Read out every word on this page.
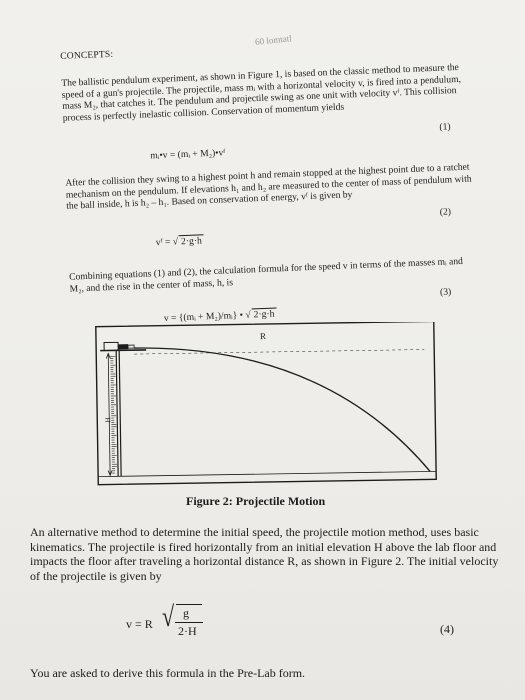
CONCEPTS:
The ballistic pendulum experiment, as shown in Figure 1, is based on the classic method to measure the speed of a gun's projectile. The projectile, mass mᵢ with a horizontal velocity v, is fired into a pendulum, mass M₂, that catches it. The pendulum and projectile swing as one unit with velocity vᶠ. This collision process is perfectly inelastic collision. Conservation of momentum yields
mᵢ•v = (mᵢ + M₂)•vᶠ
(1)
After the collision they swing to a highest point h and remain stopped at the highest point due to a ratchet mechanism on the pendulum. If elevations h₁ and h₂ are measured to the center of mass of pendulum with the ball inside, h is h₂ – h₁. Based on conservation of energy, vᶠ is given by
vᶠ = √ 2·g·h
(2)
Combining equations (1) and (2), the calculation formula for the speed v in terms of the masses mᵢ and M₂, and the rise in the center of mass, h, is
v = {(mᵢ + M₂)/mᵢ} • √ 2·g·h
(3)
60 lomtatl
R
H
Figure 2: Projectile Motion
An alternative method to determine the initial speed, the projectile motion method, uses basic kinematics. The projectile is fired horizontally from an initial elevation H above the lab floor and impacts the floor after traveling a horizontal distance R, as shown in Figure 2. The initial velocity of the projectile is given by
v = R √ g
2·H	(4)
You are asked to derive this formula in the Pre-Lab form.
